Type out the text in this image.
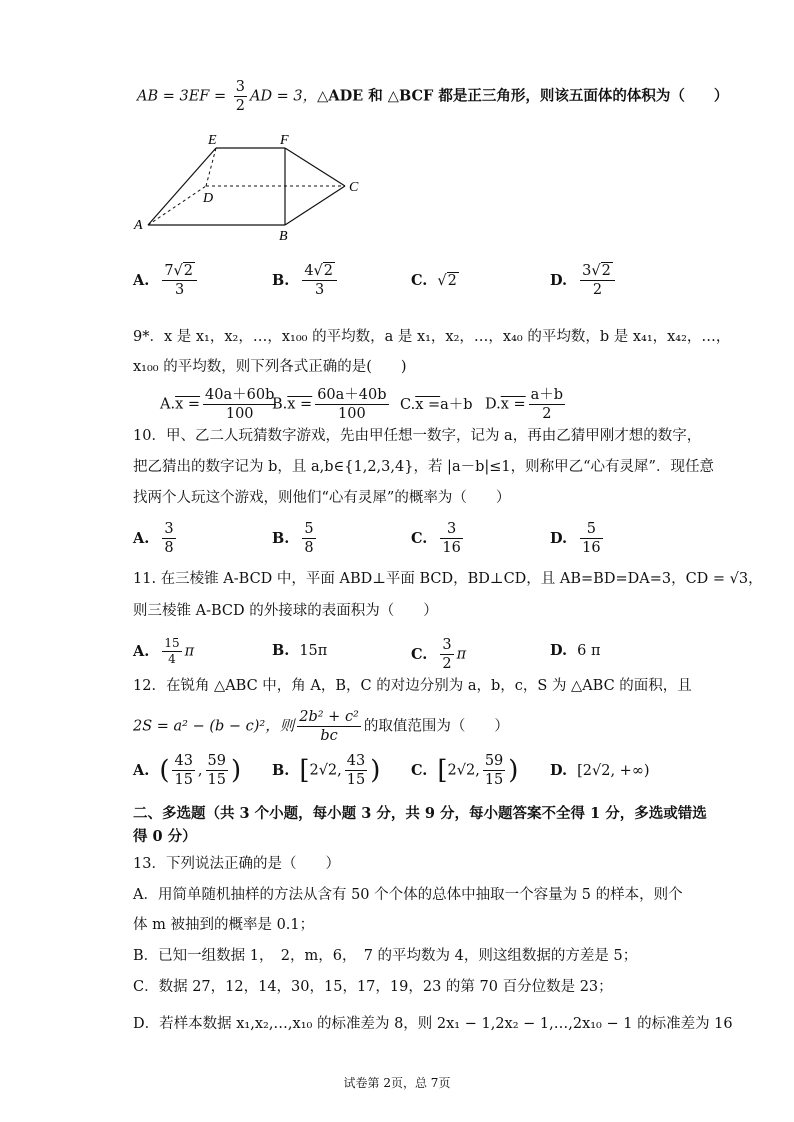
AB = $3EF = \frac{3}{2}$ AD = 3，△ADE 和 △BCF 都是正三角形，则该五面体的体积为（　　）
E	F
D
C
A
B
A. $\frac{7√2}{3}$	B. $\frac{4√2}{3}$	C. √2	D. $\frac{3√2}{2}$
9*．x 是 x₁，x₂，…，x₁₀₀ 的平均数，a 是 x₁，x₂，…，x₄₀ 的平均数，b 是 x₄₁，x₄₂，…，
x₁₀₀ 的平均数，则下列各式正确的是(　　)
$A.x = \frac{40a+60b}{100}$
$B.x = \frac{60a+40b}{100} C.x =a+b$ $D.x = \frac{a+b}{2}$
10．甲、乙二人玩猜数字游戏，先由甲任想一数字，记为 a，再由乙猜甲刚才想的数字，
把乙猜出的数字记为 b，且 a,b∈{1,2,3,4}，若 |a－b|≤1，则称甲乙“心有灵犀”．现任意
找两个人玩这个游戏，则他们“心有灵犀”的概率为（　　）
A. $\frac{3}{8}$	B. $\frac{5}{8}$	C. $\frac{3}{16}$	D. $\frac{5}{16}$
11. 在三棱锥 A-BCD 中，平面 ABD⊥平面 BCD，BD⊥CD，且 AB=BD=DA=3，CD = √3，
则三棱锥 A-BCD 的外接球的表面积为（　　）
A. $\frac{15}{4}$ π	B. 15π	C. $\frac{3}{2}$ π	D. 6 π
12．在锐角 △ABC 中，角 A，B，C 的对边分别为 a，b，c，S 为 △ABC 的面积，且
2S = a² − (b − c)²，则 $\frac{\text{2b² + c²}}{bc}$ 的取值范围为（　　）
A. ( $\frac{43}{15}$ , $\frac{59}{15}$ ) B. [2√2, $\frac{43}{15}$ ) C. [2√2, $\frac{59}{15}$ ) D. [2√2, +∞)
二、多选题（共 3 个小题，每小题 3 分，共 9 分，每小题答案不全得 1 分，多选或错选
得 0 分）
13．下列说法正确的是（　　）
A．用简单随机抽样的方法从含有 50 个个体的总体中抽取一个容量为 5 的样本，则个
体 m 被抽到的概率是 0.1；
B．已知一组数据 1，　2，m，6，　7 的平均数为 4，则这组数据的方差是 5；
C．数据 27，12，14，30，15，17，19，23 的第 70 百分位数是 23；
D．若样本数据 x₁,x₂,…,x₁₀ 的标准差为 8，则 2x₁ − 1,2x₂ − 1,…,2x₁₀ − 1 的标准差为 16
试卷第 2页，总 7页
